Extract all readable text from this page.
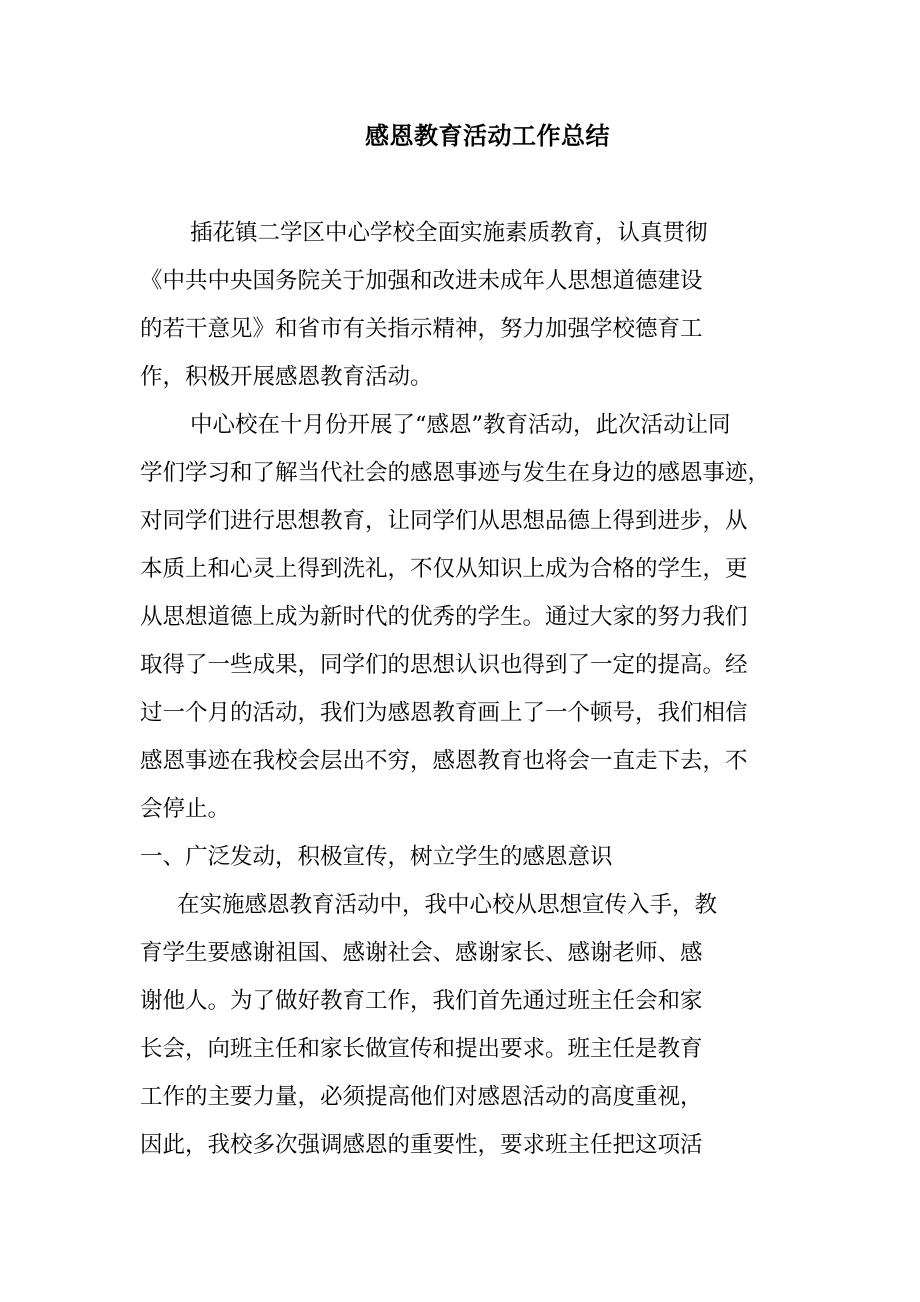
感恩教育活动工作总结
插花镇二学区中心学校全面实施素质教育，认真贯彻
《中共中央国务院关于加强和改进未成年人思想道德建设
的若干意见》和省市有关指示精神，努力加强学校德育工
作，积极开展感恩教育活动。
中心校在十月份开展了“感恩”教育活动，此次活动让同
学们学习和了解当代社会的感恩事迹与发生在身边的感恩事迹，
对同学们进行思想教育，让同学们从思想品德上得到进步，从
本质上和心灵上得到洗礼，不仅从知识上成为合格的学生，更
从思想道德上成为新时代的优秀的学生。通过大家的努力我们
取得了一些成果，同学们的思想认识也得到了一定的提高。经
过一个月的活动，我们为感恩教育画上了一个顿号，我们相信
感恩事迹在我校会层出不穷，感恩教育也将会一直走下去，不
会停止。
一、广泛发动，积极宣传，树立学生的感恩意识
在实施感恩教育活动中，我中心校从思想宣传入手，教
育学生要感谢祖国、感谢社会、感谢家长、感谢老师、感
谢他人。为了做好教育工作，我们首先通过班主任会和家
长会，向班主任和家长做宣传和提出要求。班主任是教育
工作的主要力量，必须提高他们对感恩活动的高度重视，
因此，我校多次强调感恩的重要性，要求班主任把这项活
